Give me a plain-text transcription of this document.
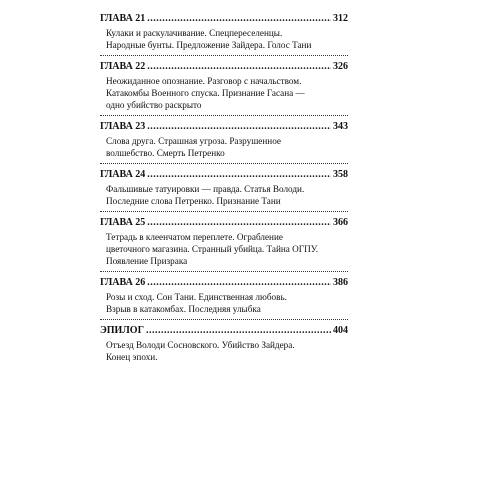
ГЛАВА 21 .....	312
Кулаки и раскулачивание. Спецпереселенцы.
Народные бунты. Предложение Зайдера. Голос Тани
ГЛАВА 22 .....	326
Неожиданное опознание. Разговор с начальством.
Катакомбы Военного спуска. Признание Гасана —
одно убийство раскрыто
ГЛАВА 23 .....	343
Слова друга. Страшная угроза. Разрушенное
волшебство. Смерть Петренко
ГЛАВА 24 .....	358
Фальшивые татуировки — правда. Статья Володи.
Последние слова Петренко. Признание Тани
ГЛАВА 25 .....	366
Тетрадь в клеенчатом переплете. Ограбление
цветочного магазина. Странный убийца. Тайна ОГПУ.
Появление Призрака
ГЛАВА 26 .....	386
Розы и сход. Сон Тани. Единственная любовь.
Взрыв в катакомбах. Последняя улыбка
ЭПИЛОГ .....	404
Отъезд Володи Сосновского. Убийство Зайдера.
Конец эпохи.
